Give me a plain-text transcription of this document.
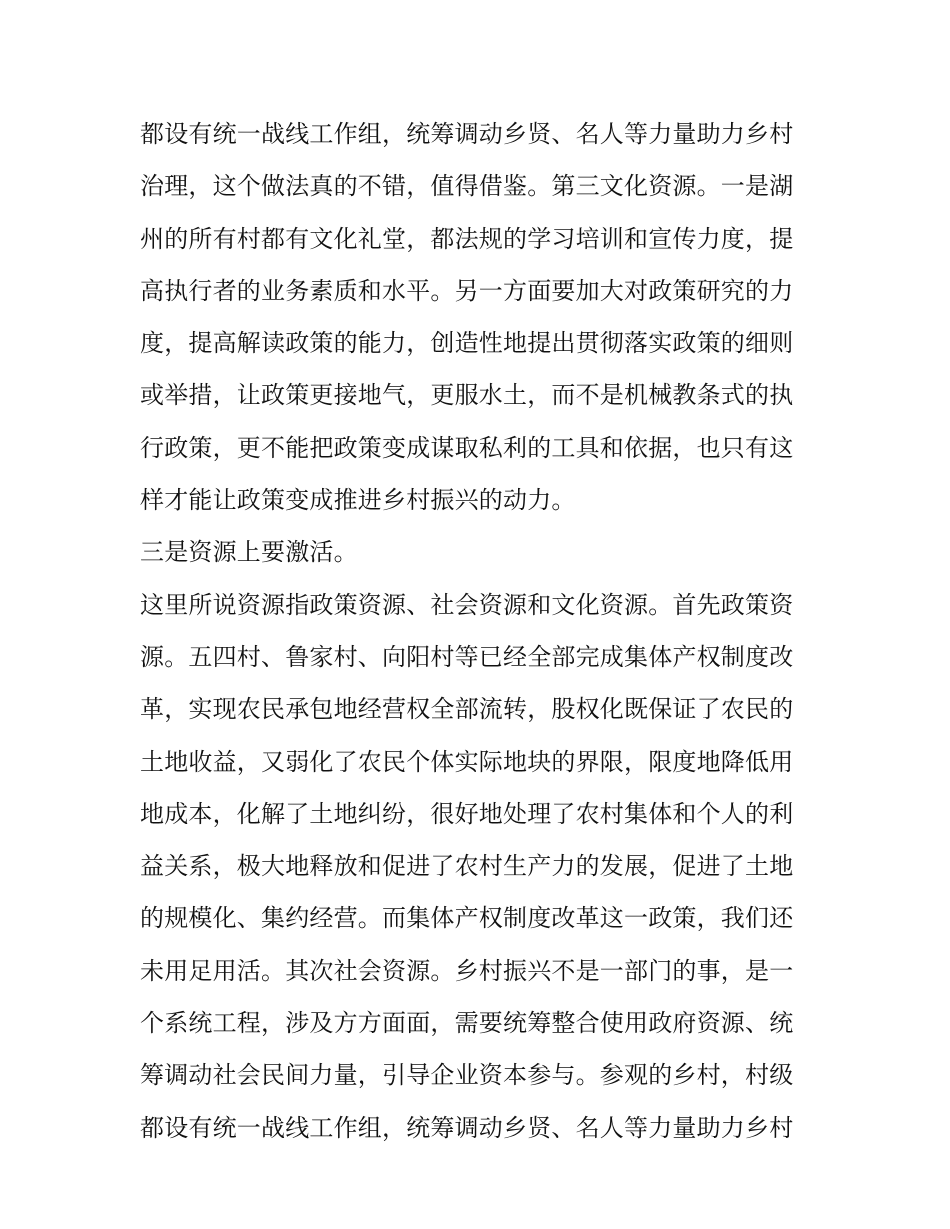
都设有统一战线工作组，统筹调动乡贤、名人等力量助力乡村
治理，这个做法真的不错，值得借鉴。第三文化资源。一是湖
州的所有村都有文化礼堂，都法规的学习培训和宣传力度，提
高执行者的业务素质和水平。另一方面要加大对政策研究的力
度，提高解读政策的能力，创造性地提出贯彻落实政策的细则
或举措，让政策更接地气，更服水土，而不是机械教条式的执
行政策，更不能把政策变成谋取私利的工具和依据，也只有这
样才能让政策变成推进乡村振兴的动力。
三是资源上要激活。
这里所说资源指政策资源、社会资源和文化资源。首先政策资
源。五四村、鲁家村、向阳村等已经全部完成集体产权制度改
革，实现农民承包地经营权全部流转，股权化既保证了农民的
土地收益，又弱化了农民个体实际地块的界限，限度地降低用
地成本，化解了土地纠纷，很好地处理了农村集体和个人的利
益关系，极大地释放和促进了农村生产力的发展，促进了土地
的规模化、集约经营。而集体产权制度改革这一政策，我们还
未用足用活。其次社会资源。乡村振兴不是一部门的事，是一
个系统工程，涉及方方面面，需要统筹整合使用政府资源、统
筹调动社会民间力量，引导企业资本参与。参观的乡村，村级
都设有统一战线工作组，统筹调动乡贤、名人等力量助力乡村
